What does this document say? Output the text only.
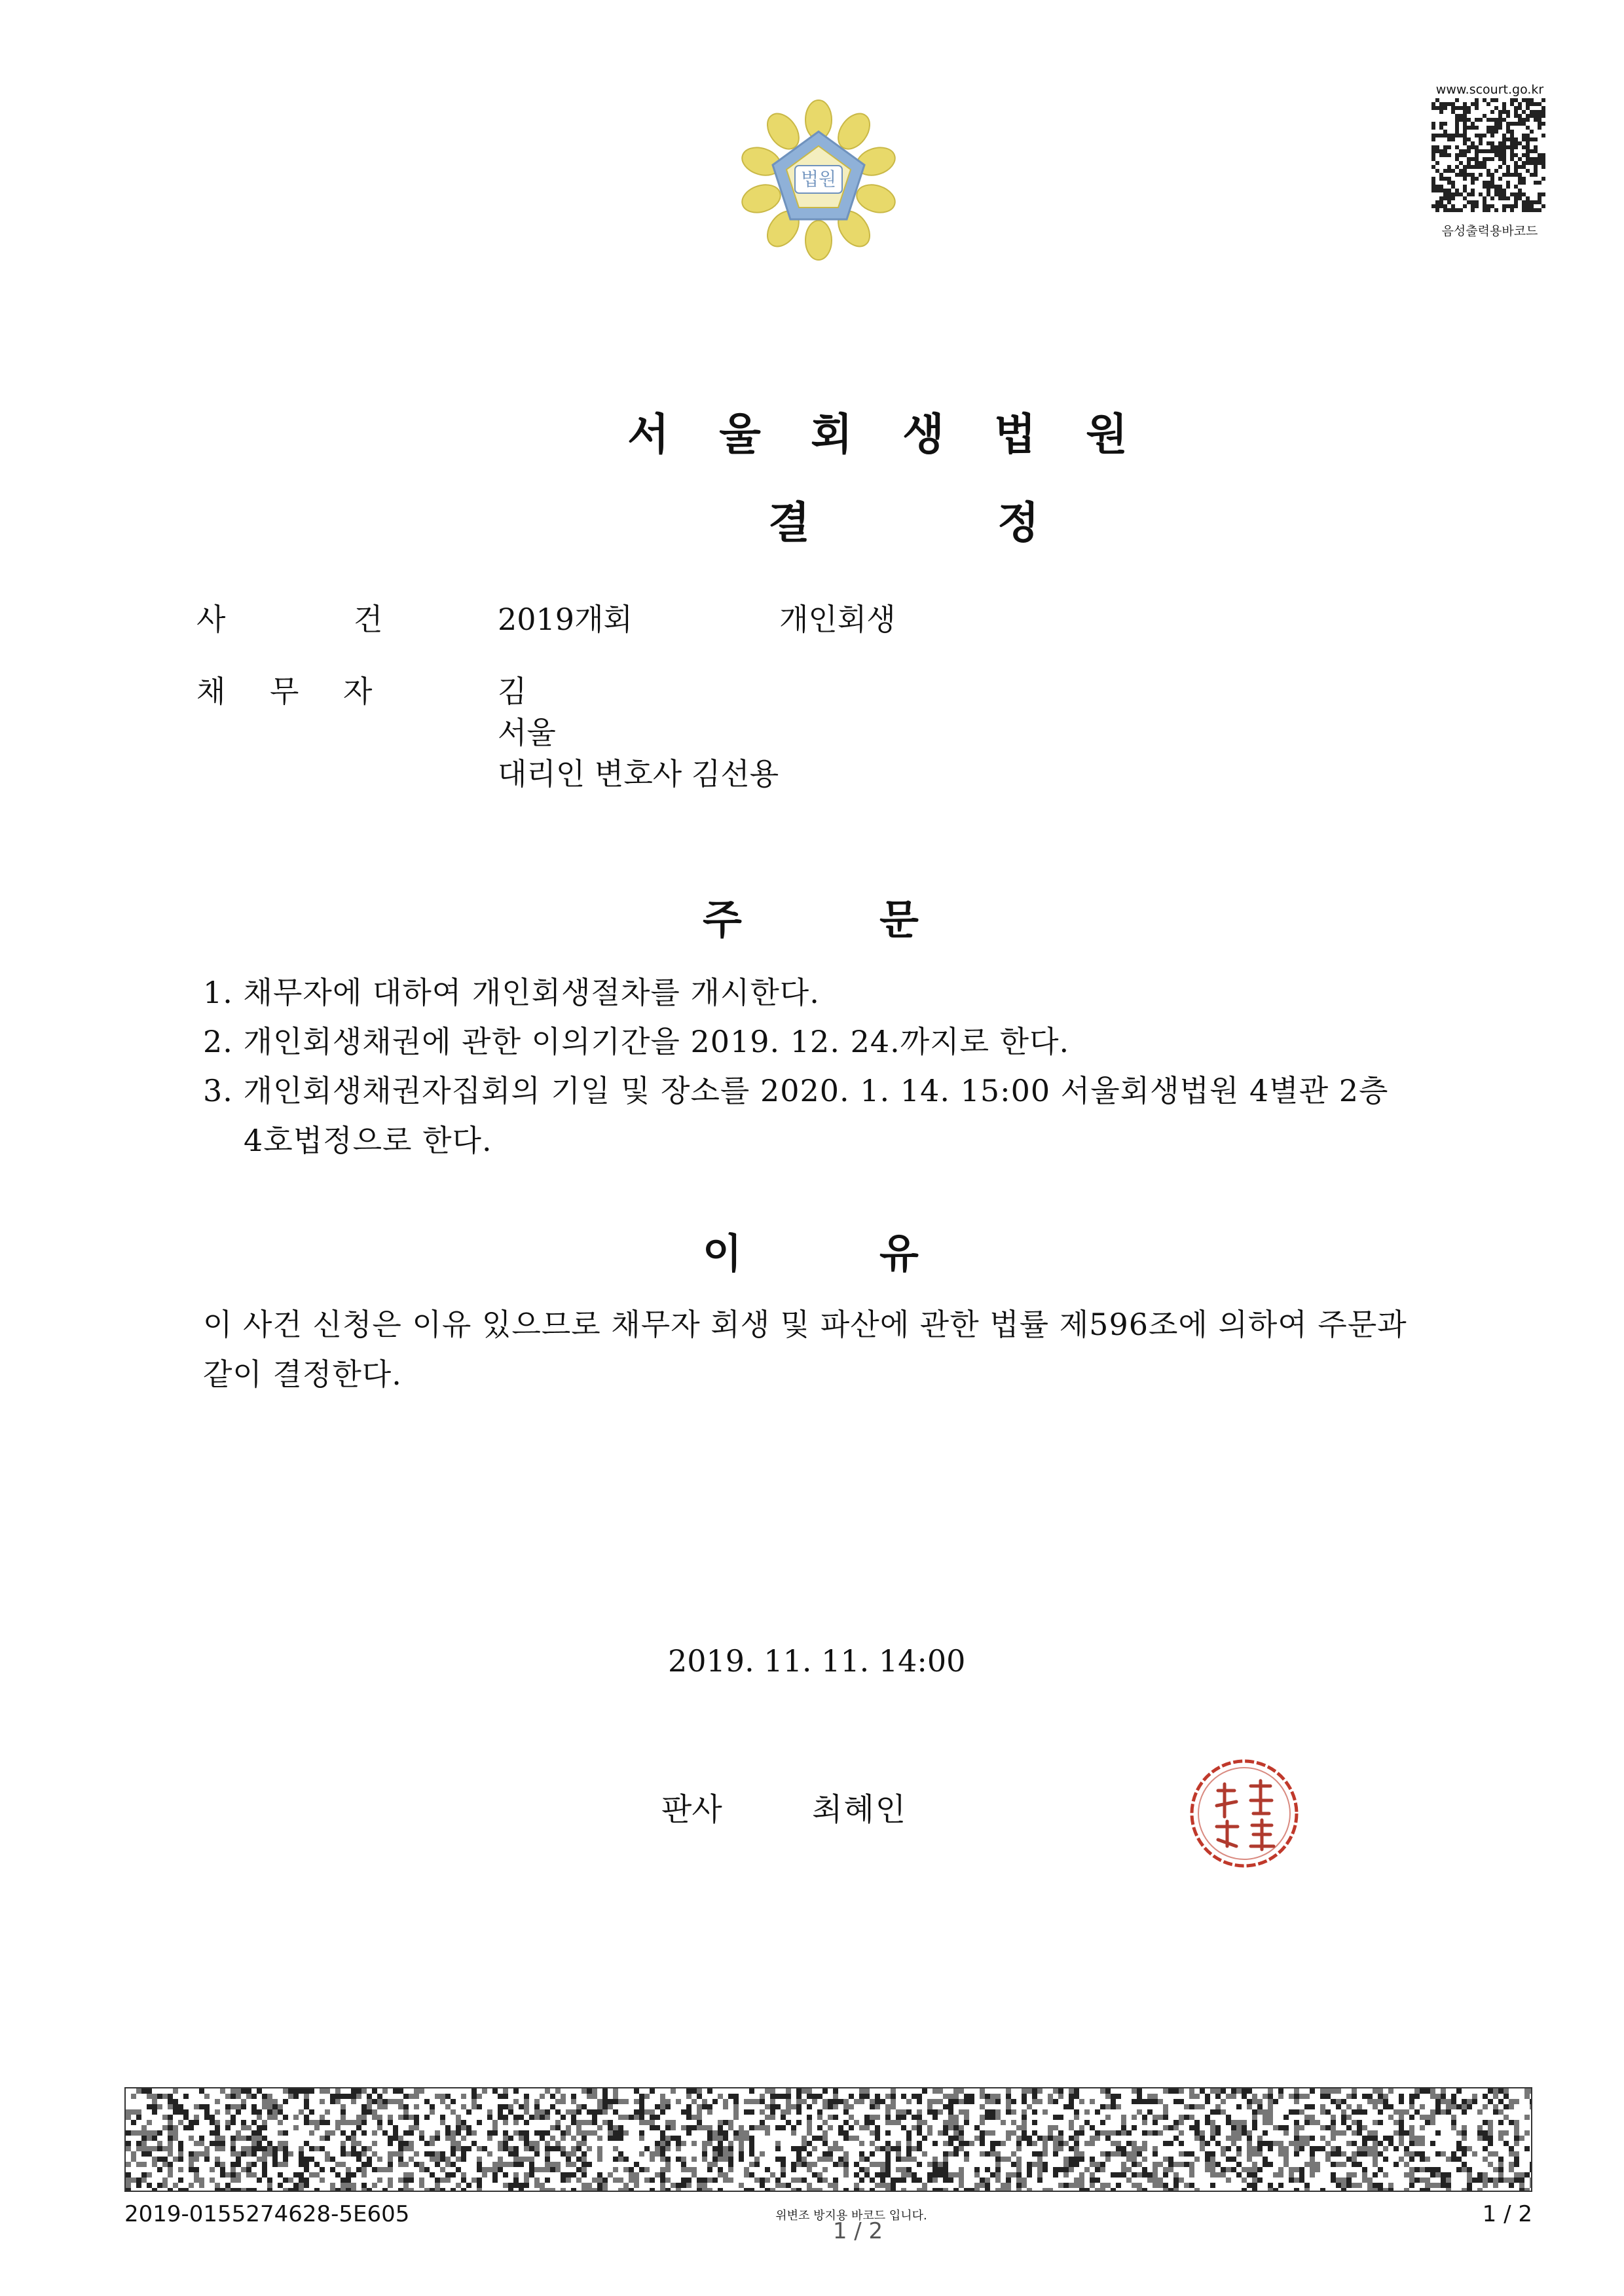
법원
www.scourt.go.kr
음성출력용바코드
서 울 회 생 법 원
결	정
사	건	2019개회	개인회생
채 무 자	김
서울
대리인 변호사 김선용
주	문
1. 채무자에 대하여 개인회생절차를 개시한다.
2. 개인회생채권에 관한 이의기간을 2019. 12. 24.까지로 한다.
3. 개인회생채권자집회의 기일 및 장소를 2020. 1. 14. 15:00 서울회생법원 4별관 2층
4호법정으로 한다.
이	유
이 사건 신청은 이유 있으므로 채무자 회생 및 파산에 관한 법률 제596조에 의하여 주문과 같이 결정한다.
2019. 11. 11. 14:00
판사	최혜인
2019-0155274628-5E605	위변조 방지용 바코드 입니다.
1 / 2
1 / 2
